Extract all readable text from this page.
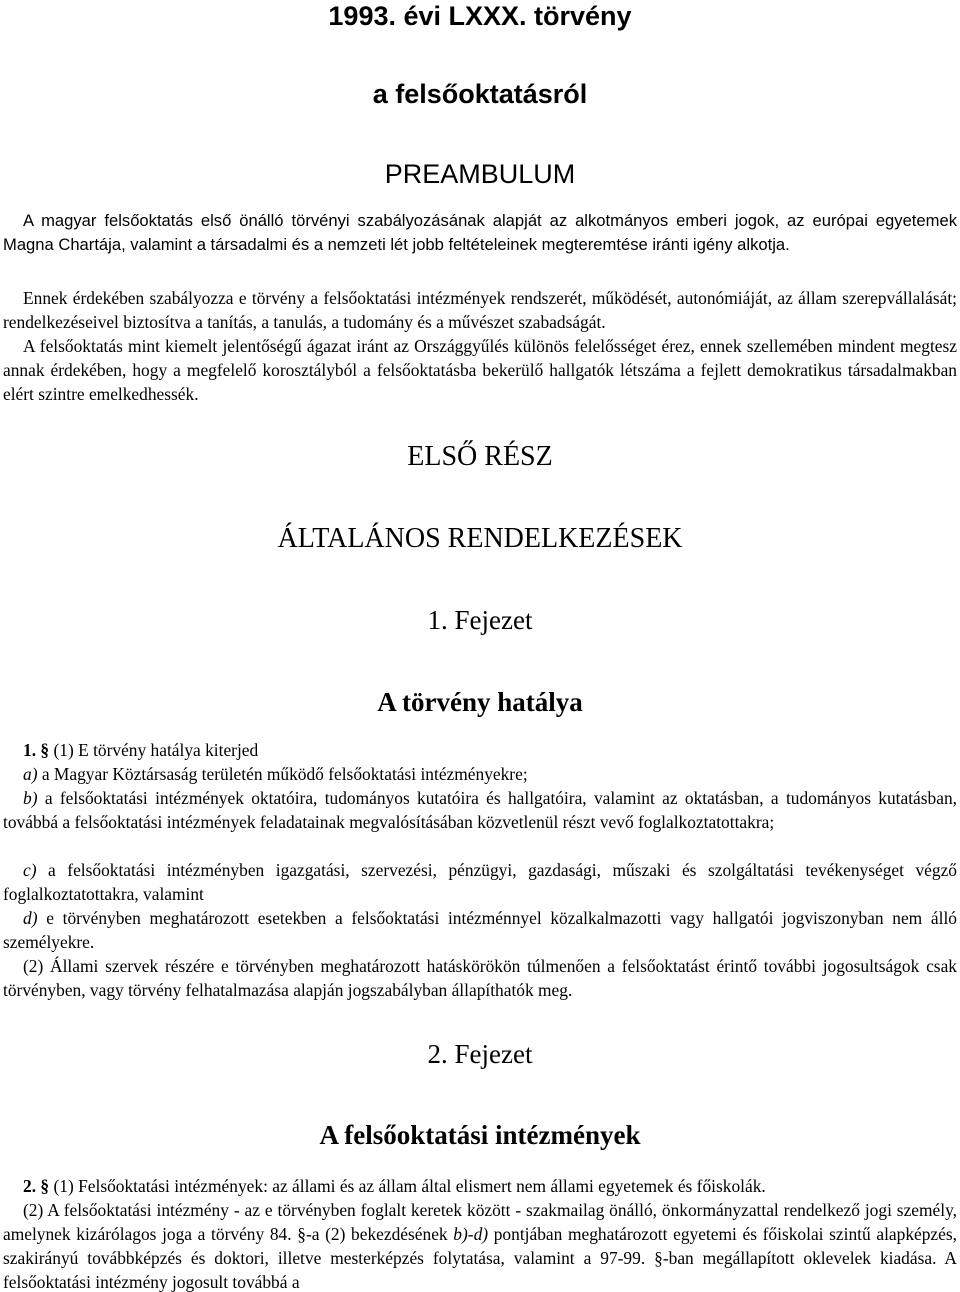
1993. évi LXXX. törvény
a felsőoktatásról
PREAMBULUM

A magyar felsőoktatás első önálló törvényi szabályozásának alapját az alkotmányos emberi jogok, az európai egyetemek Magna Chartája, valamint a társadalmi és a nemzeti lét jobb feltételeinek megteremtése iránti igény alkotja.

Ennek érdekében szabályozza e törvény a felsőoktatási intézmények rendszerét, működését, autonómiáját, az állam szerepvállalását; rendelkezéseivel biztosítva a tanítás, a tanulás, a tudomány és a művészet szabadságát.

A felsőoktatás mint kiemelt jelentőségű ágazat iránt az Országgyűlés különös felelősséget érez, ennek szellemében mindent megtesz annak érdekében, hogy a megfelelő korosztályból a felsőoktatásba bekerülő hallgatók létszáma a fejlett demokratikus társadalmakban elért szintre emelkedhessék.

ELSŐ RÉSZ
ÁLTALÁNOS RENDELKEZÉSEK
1. Fejezet
A törvény hatálya

1. § (1) E törvény hatálya kiterjed

a) a Magyar Köztársaság területén működő felsőoktatási intézményekre;

b) a felsőoktatási intézmények oktatóira, tudományos kutatóira és hallgatóira, valamint az oktatásban, a tudományos kutatásban, továbbá a felsőoktatási intézmények feladatainak megvalósításában közvetlenül részt vevő foglalkoztatottakra;

c) a felsőoktatási intézményben igazgatási, szervezési, pénzügyi, gazdasági, műszaki és szolgáltatási tevékenységet végző foglalkoztatottakra, valamint

d) e törvényben meghatározott esetekben a felsőoktatási intézménnyel közalkalmazotti vagy hallgatói jogviszonyban nem álló személyekre.

(2) Állami szervek részére e törvényben meghatározott hatáskörökön túlmenően a felsőoktatást érintő további jogosultságok csak törvényben, vagy törvény felhatalmazása alapján jogszabályban állapíthatók meg.

2. Fejezet
A felsőoktatási intézmények

2. § (1) Felsőoktatási intézmények: az állami és az állam által elismert nem állami egyetemek és főiskolák.

(2) A felsőoktatási intézmény - az e törvényben foglalt keretek között - szakmailag önálló, önkormányzattal rendelkező jogi személy, amelynek kizárólagos joga a törvény 84. §-a (2) bekezdésének b)-d) pontjában meghatározott egyetemi és főiskolai szintű alapképzés, szakirányú továbbképzés és doktori, illetve mesterképzés folytatása, valamint a 97-99. §-ban megállapított oklevelek kiadása. A felsőoktatási intézmény jogosult továbbá a
